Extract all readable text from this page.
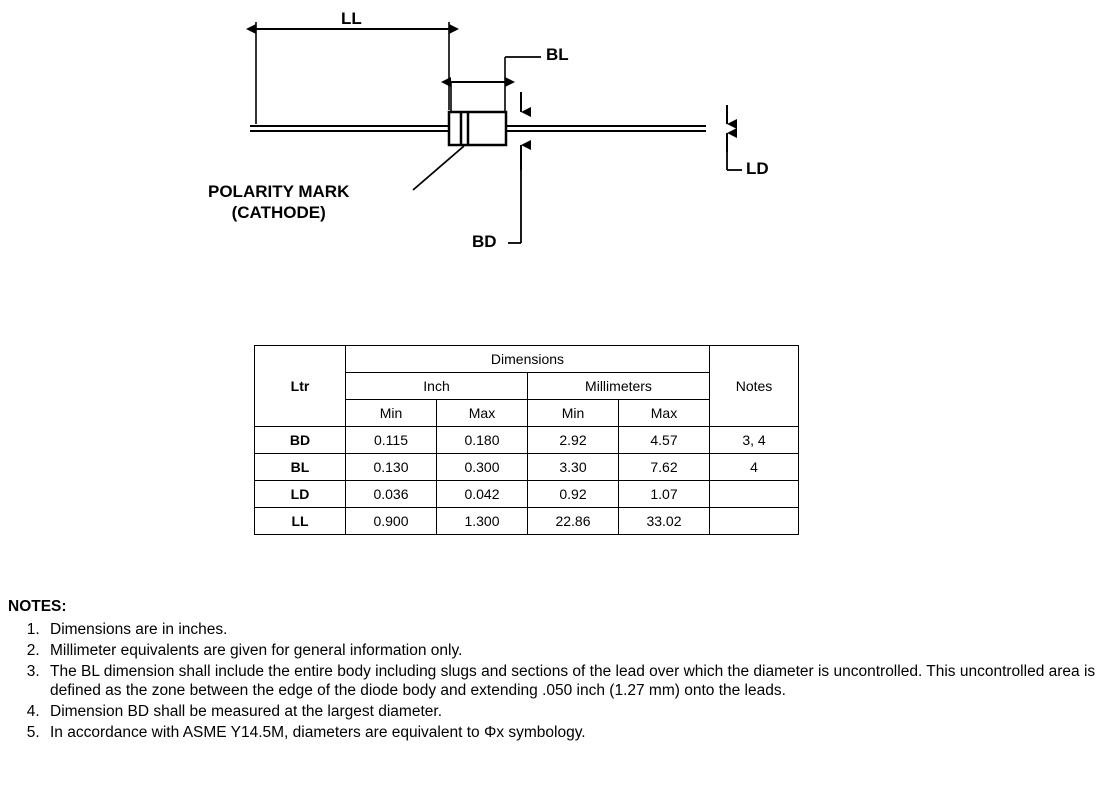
LL
BL
LD
BD
POLARITY MARK
(CATHODE)
Ltr	Dimensions				Notes
	Inch		Millimeters		
	Min	Max	Min	Max	
BD	0.115	0.180	2.92	4.57	3, 4
BL	0.130	0.300	3.30	7.62	4
LD	0.036	0.042	0.92	1.07	
LL	0.900	1.300	22.86	33.02	
NOTES:
1. Dimensions are in inches.
2. Millimeter equivalents are given for general information only.
3. The BL dimension shall include the entire body including slugs and sections of the lead over which the diameter is uncontrolled. This uncontrolled area is defined as the zone between the edge of the diode body and extending .050 inch (1.27 mm) onto the leads.
4. Dimension BD shall be measured at the largest diameter.
5. In accordance with ASME Y14.5M, diameters are equivalent to Φx symbology.
